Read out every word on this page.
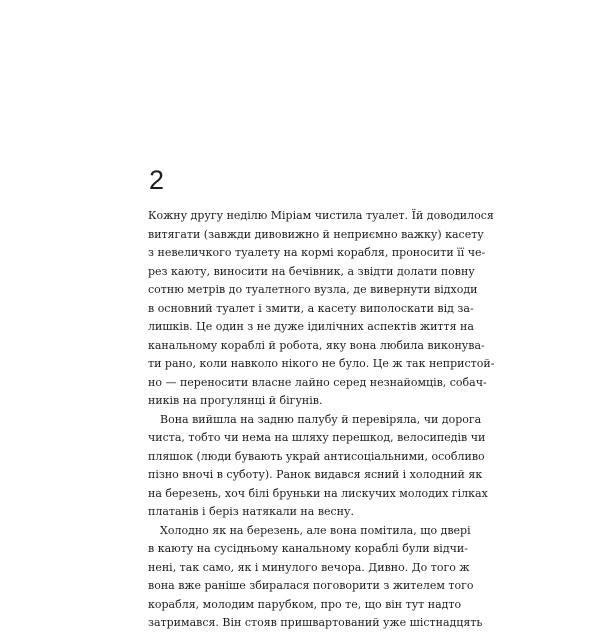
2
Кожну другу неділю Міріам чистила туалет. Їй доводилося
витягати (завжди дивовижно й неприємно важку) касету
з невеличкого туалету на кормі корабля, проносити її че-
рез каюту, виносити на бечівник, а звідти долати повну
сотню метрів до туалетного вузла, де вивернути відходи
в основний туалет і змити, а касету виполоскати від за-
лишків. Це один з не дуже ідилічних аспектів життя на
канальному кораблі й робота, яку вона любила виконува-
ти рано, коли навколо нікого не було. Це ж так непристой-
но — переносити власне лайно серед незнайомців, собач-
ників на прогулянці й бігунів.
Вона вийшла на задню палубу й перевіряла, чи дорога
чиста, тобто чи нема на шляху перешкод, велосипедів чи
пляшок (люди бувають украй антисоціальними, особливо
пізно вночі в суботу). Ранок видався ясний і холодний як
на березень, хоч білі бруньки на лискучих молодих гілках
платанів і беріз натякали на весну.
Холодно як на березень, але вона помітила, що двері
в каюту на сусідньому канальному кораблі були відчи-
нені, так само, як і минулого вечора. Дивно. До того ж
вона вже раніше збиралася поговорити з жителем того
корабля, молодим парубком, про те, що він тут надто
затримався. Він стояв пришвартований уже шістнадцять
